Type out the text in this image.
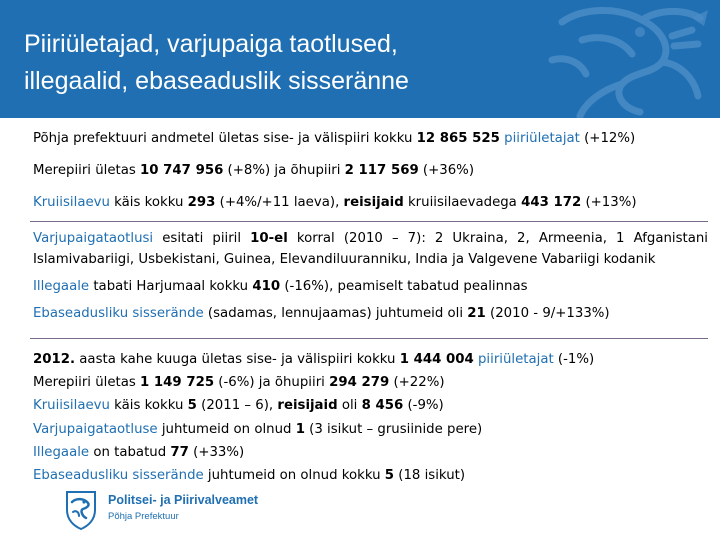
Piiriületajad, varjupaiga taotlused,
illegaalid, ebaseaduslik sisseränne

Põhja prefektuuri andmetel ületas sise- ja välispiiri kokku 12 865 525 piiriületajat (+12%)

Merepiiri ületas 10 747 956 (+8%) ja õhupiiri 2 117 569 (+36%)

Kruiisilaevu käis kokku 293 (+4%/+11 laeva), reisijaid kruiisilaevadega 443 172 (+13%)

Varjupaigataotlusi esitati piiril 10-el korral (2010 – 7): 2 Ukraina, 2, Armeenia, 1 Afganistani Islamivabariigi, Usbekistani, Guinea, Elevandiluuranniku, India ja Valgevene Vabariigi kodanik

Illegaale tabati Harjumaal kokku 410 (-16%), peamiselt tabatud pealinnas

Ebaseadusliku sisserände (sadamas, lennujaamas) juhtumeid oli 21 (2010 - 9/+133%)

2012. aasta kahe kuuga ületas sise- ja välispiiri kokku 1 444 004 piiriületajat (-1%)

Merepiiri ületas 1 149 725 (-6%) ja õhupiiri 294 279 (+22%)

Kruiisilaevu käis kokku 5 (2011 – 6), reisijaid oli 8 456 (-9%)

Varjupaigataotluse juhtumeid on olnud 1 (3 isikut – grusiinide pere)

Illegaale on tabatud 77 (+33%)

Ebaseadusliku sisserände juhtumeid on olnud kokku 5 (18 isikut)

Politsei- ja Piirivalveamet
Põhja Prefektuur
